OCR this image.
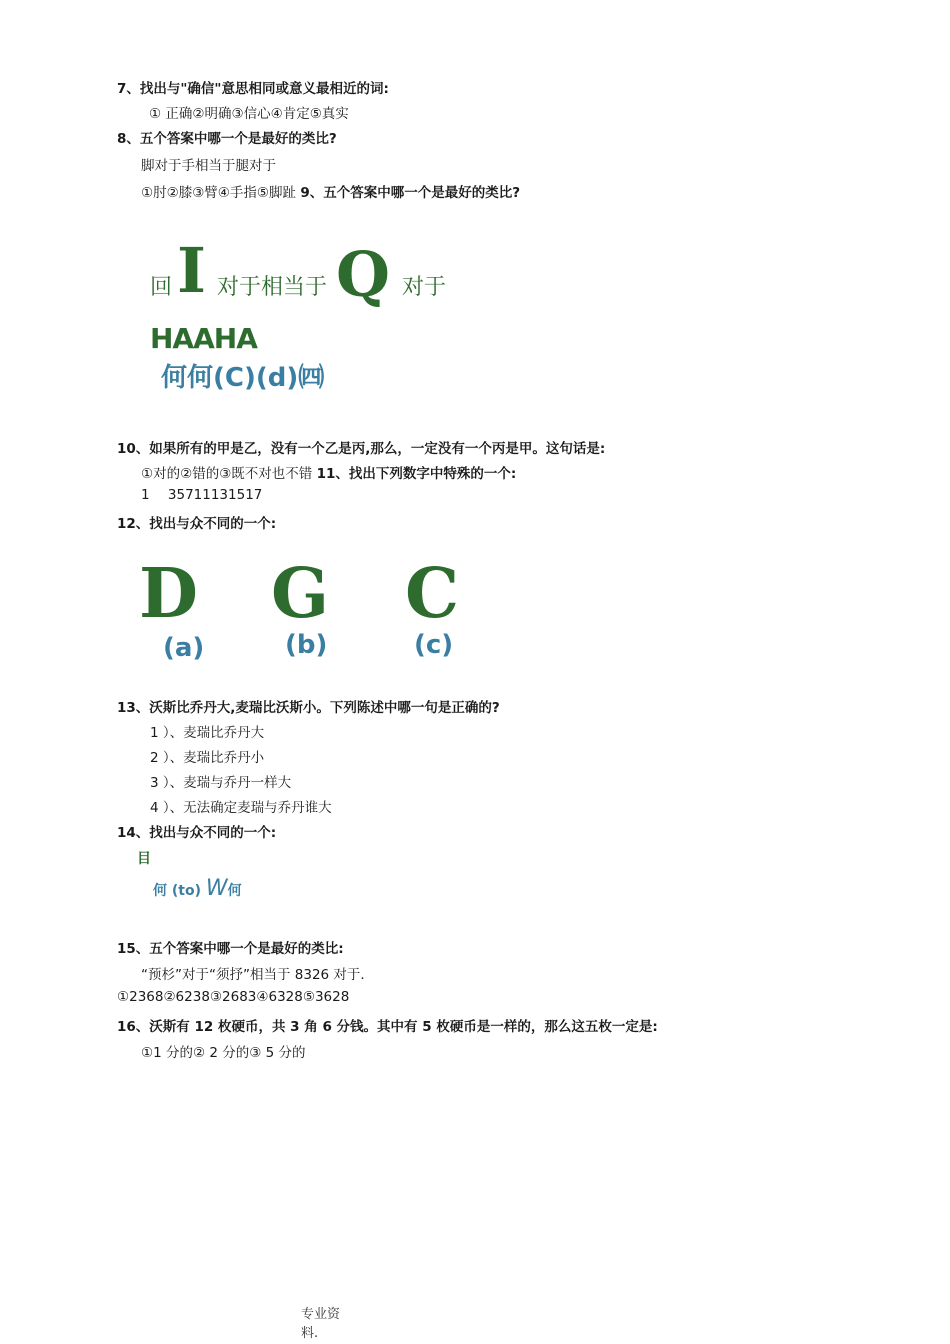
7、找出与"确信"意思相同或意义最相近的词:
① 正确②明确③信心④肯定⑤真实
8、五个答案中哪一个是最好的类比?
脚对于手相当于腿对于
①肘②膝③臂④手指⑤脚趾 9、五个答案中哪一个是最好的类比?
回 I 对于相当于 Q 对于
HAAHA
何何(C)(d)㈣
10、如果所有的甲是乙，没有一个乙是丙,那么，一定没有一个丙是甲。这句话是:
①对的②错的③既不对也不错 11、找出下列数字中特殊的一个:
1 35711131517
12、找出与众不同的一个:
D G C
(a)	(b)	(c)
13、沃斯比乔丹大,麦瑞比沃斯小。下列陈述中哪一句是正确的?
1 ）、麦瑞比乔丹大
2 ）、麦瑞比乔丹小
3 ）、麦瑞与乔丹一样大
4 ）、无法确定麦瑞与乔丹谁大
14、找出与众不同的一个:
目
何 (to) W何
15、五个答案中哪一个是最好的类比:
“预杉”对于“须抒”相当于 8326 对于.
①2368②6238③2683④6328⑤3628
16、沃斯有 12 枚硬币，共 3 角 6 分钱。其中有 5 枚硬币是一样的，那么这五枚一定是:
①1 分的② 2 分的③ 5 分的
专业资
料.
